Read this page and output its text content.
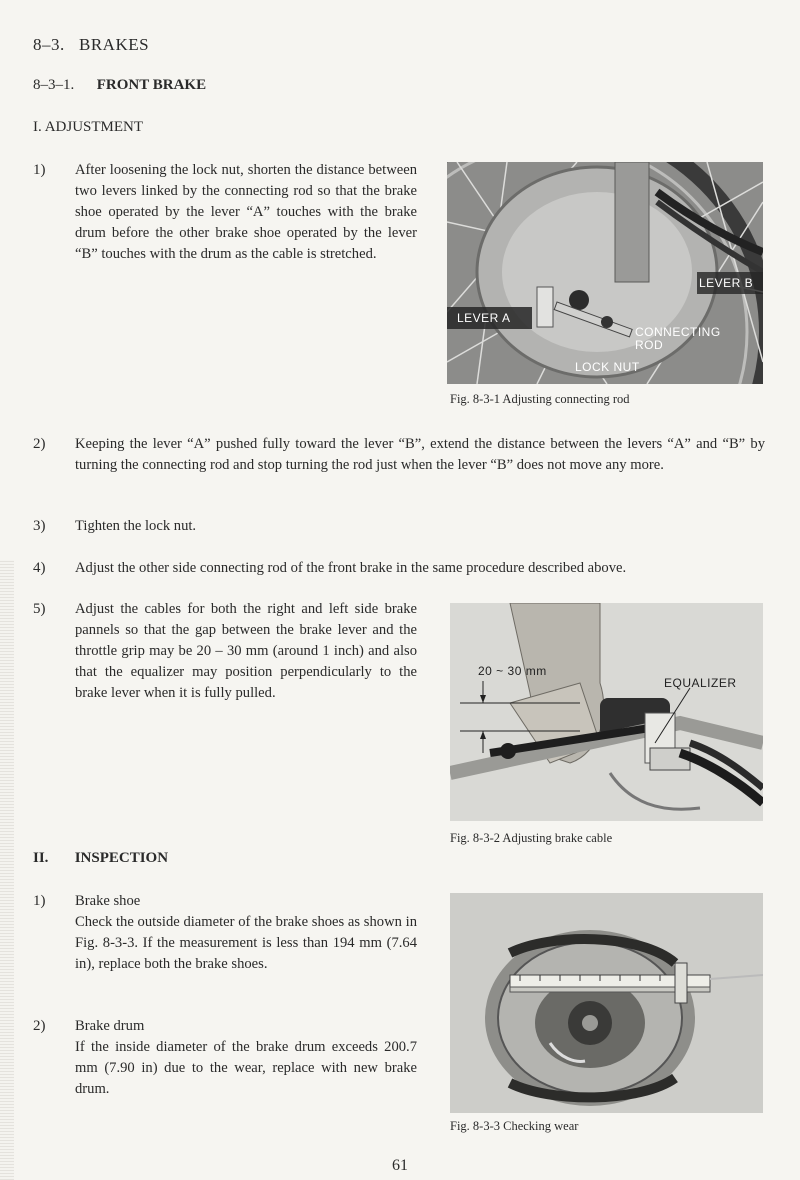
8–3. BRAKES
8–3–1. FRONT BRAKE
I. ADJUSTMENT
1) After loosening the lock nut, shorten the distance between two levers linked by the connecting rod so that the brake shoe operated by the lever “A” touches with the brake drum before the other brake shoe operated by the lever “B” touches with the drum as the cable is stretched.
LEVER B
LEVER A
CONNECTING
ROD
LOCK NUT
Fig. 8-3-1 Adjusting connecting rod
2) Keeping the lever “A” pushed fully toward the lever “B”, extend the distance between the levers “A” and “B” by turning the connecting rod and stop turning the rod just when the lever “B” does not move any more.
3) Tighten the lock nut.
4) Adjust the other side connecting rod of the front brake in the same procedure described above.
5) Adjust the cables for both the right and left side brake pannels so that the gap between the brake lever and the throttle grip may be 20 – 30 mm (around 1 inch) and also that the equalizer may position perpendicularly to the brake lever when it is fully pulled.
20 ~ 30 mm
EQUALIZER
Fig. 8-3-2 Adjusting brake cable
II. INSPECTION
1) Brake shoe
Check the outside diameter of the brake shoes as shown in Fig. 8-3-3. If the measurement is less than 194 mm (7.64 in), replace both the brake shoes.
2) Brake drum
If the inside diameter of the brake drum exceeds 200.7 mm (7.90 in) due to the wear, replace with new brake drum.
Fig. 8-3-3 Checking wear
61
